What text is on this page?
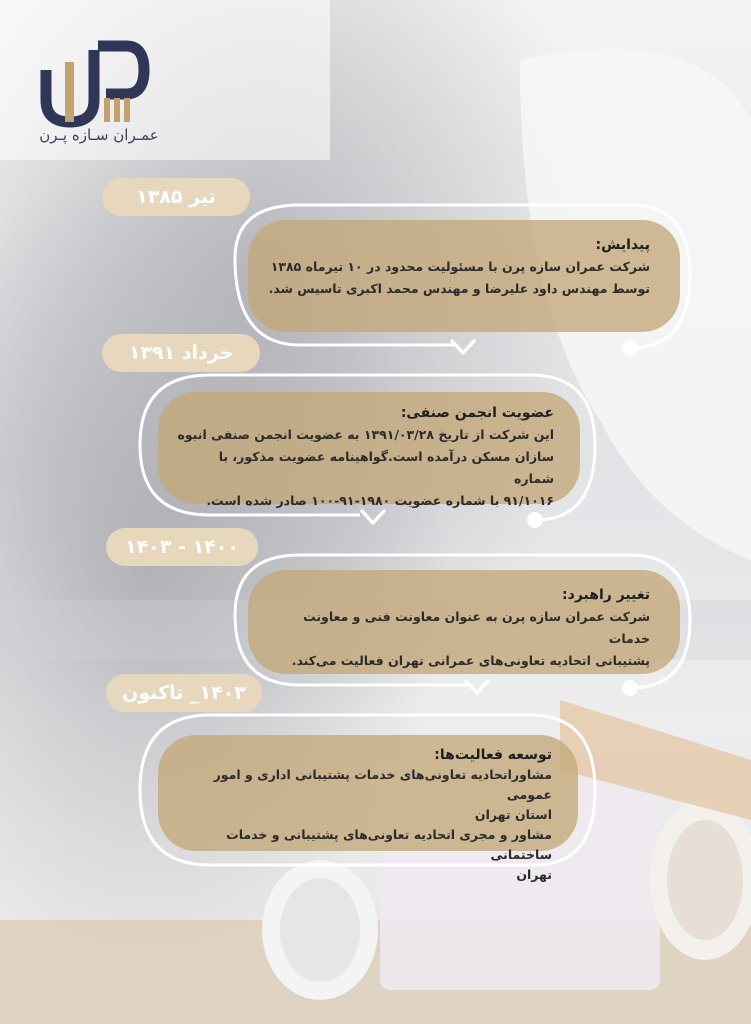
عمـران سـازه پـرن
تیر ۱۳۸۵
خرداد ۱۳۹۱
۱۴۰۰ - ۱۴۰۳
۱۴۰۳_ تاکنون
پیدایش:
شرکت عمران سازه پرن با مسئولیت محدود در ۱۰ تیرماه ۱۳۸۵
توسط مهندس داود علیرضا و مهندس محمد اکبری تاسیس شد.
عضویت انجمن صنفی:
این شرکت از تاریخ ۱۳۹۱/۰۳/۲۸ به عضویت انجمن صنفی انبوه
سازان مسکن درآمده است.گواهینامه عضویت مذکور، با شماره
۹۱/۱۰۱۶ با شماره عضویت ۱۹۸۰-۹۱-۱۰۰ صادر شده است.
تغییر راهبرد:
شرکت عمران سازه پرن به عنوان معاونت فنی و معاونت خدمات
پشتیبانی اتحادیه تعاونی‌های عمرانی تهران فعالیت می‌کند.
توسعه فعالیت‌ها:
مشاوراتحادیه تعاونی‌های خدمات پشتیبانی اداری و امور عمومی
استان تهران
مشاور و مجری اتحادیه تعاونی‌های پشتیبانی و خدمات ساختمانی
تهران
